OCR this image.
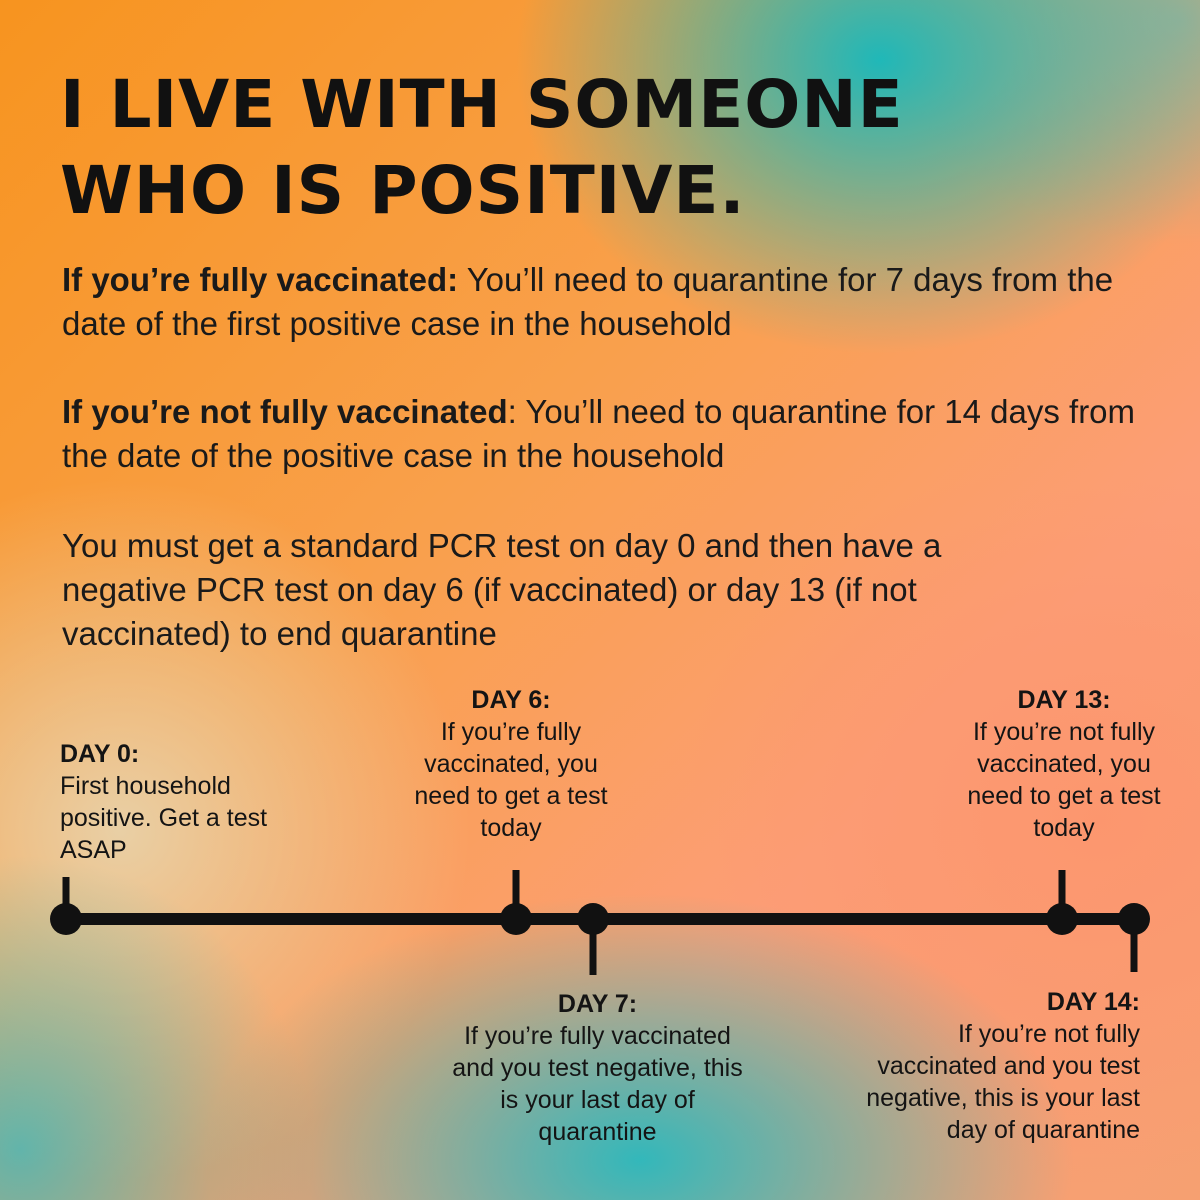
I LIVE WITH SOMEONE
WHO IS POSITIVE.

If you’re fully vaccinated: You’ll need to quarantine for 7 days from the date of the first positive case in the household

If you’re not fully vaccinated: You’ll need to quarantine for 14 days from the date of the positive case in the household

You must get a standard PCR test on day 0 and then have a negative PCR test on day 6 (if vaccinated) or day 13 (if not vaccinated) to end quarantine

DAY 0:
First household positive. Get a test ASAP
DAY 6:
If you’re fully vaccinated, you need to get a test today
DAY 7:
If you’re fully vaccinated and you test negative, this is your last day of quarantine
DAY 13:
If you’re not fully vaccinated, you need to get a test today
DAY 14:
If you’re not fully vaccinated and you test negative, this is your last day of quarantine
